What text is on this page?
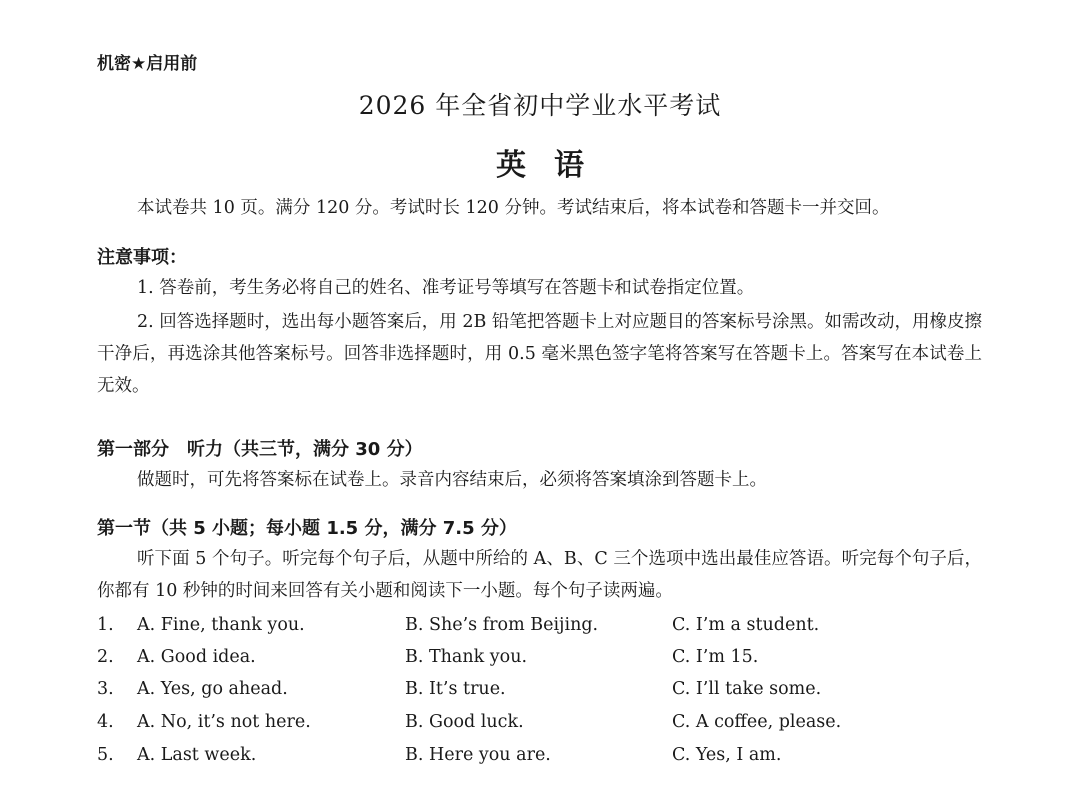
机密★启用前
2026 年全省初中学业水平考试
英语

本试卷共 10 页。满分 120 分。考试时长 120 分钟。考试结束后，将本试卷和答题卡一并交回。

注意事项：

1. 答卷前，考生务必将自己的姓名、准考证号等填写在答题卡和试卷指定位置。

2. 回答选择题时，选出每小题答案后，用 2B 铅笔把答题卡上对应题目的答案标号涂黑。如需改动，用橡皮擦干净后，再选涂其他答案标号。回答非选择题时，用 0.5 毫米黑色签字笔将答案写在答题卡上。答案写在本试卷上无效。

第一部分　听力（共三节，满分 30 分）

做题时，可先将答案标在试卷上。录音内容结束后，必须将答案填涂到答题卡上。

第一节（共 5 小题；每小题 1.5 分，满分 7.5 分）

听下面 5 个句子。听完每个句子后，从题中所给的 A、B、C 三个选项中选出最佳应答语。听完每个句子后，你都有 10 秒钟的时间来回答有关小题和阅读下一小题。每个句子读两遍。

1. A. Fine, thank you.	B. She’s from Beijing.	C. I’m a student.
2. A. Good idea.	B. Thank you.	C. I’m 15.
3. A. Yes, go ahead.	B. It’s true.	C. I’ll take some.
4. A. No, it’s not here.	B. Good luck.	C. A coffee, please.
5. A. Last week.	B. Here you are.	C. Yes, I am.
